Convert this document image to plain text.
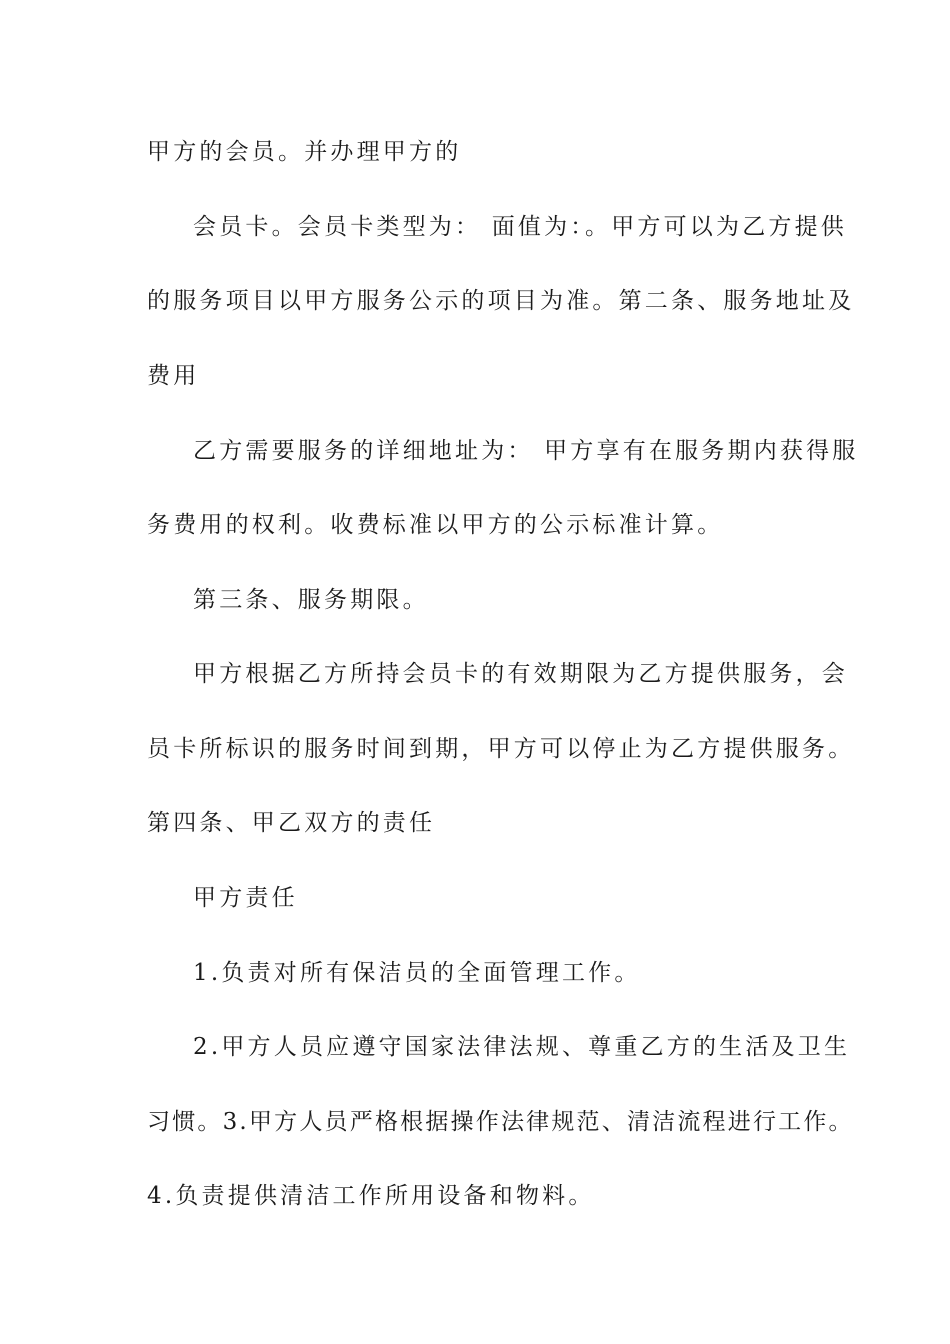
甲方的会员。并办理甲方的
会员卡。会员卡类型为： 面值为：。甲方可以为乙方提供
的服务项目以甲方服务公示的项目为准。第二条、服务地址及
费用
乙方需要服务的详细地址为： 甲方享有在服务期内获得服
务费用的权利。收费标准以甲方的公示标准计算。
第三条、服务期限。
甲方根据乙方所持会员卡的有效期限为乙方提供服务，会
员卡所标识的服务时间到期，甲方可以停止为乙方提供服务。
第四条、甲乙双方的责任
甲方责任
1.负责对所有保洁员的全面管理工作。
2.甲方人员应遵守国家法律法规、尊重乙方的生活及卫生
习惯。3.甲方人员严格根据操作法律规范、清洁流程进行工作。
4.负责提供清洁工作所用设备和物料。
